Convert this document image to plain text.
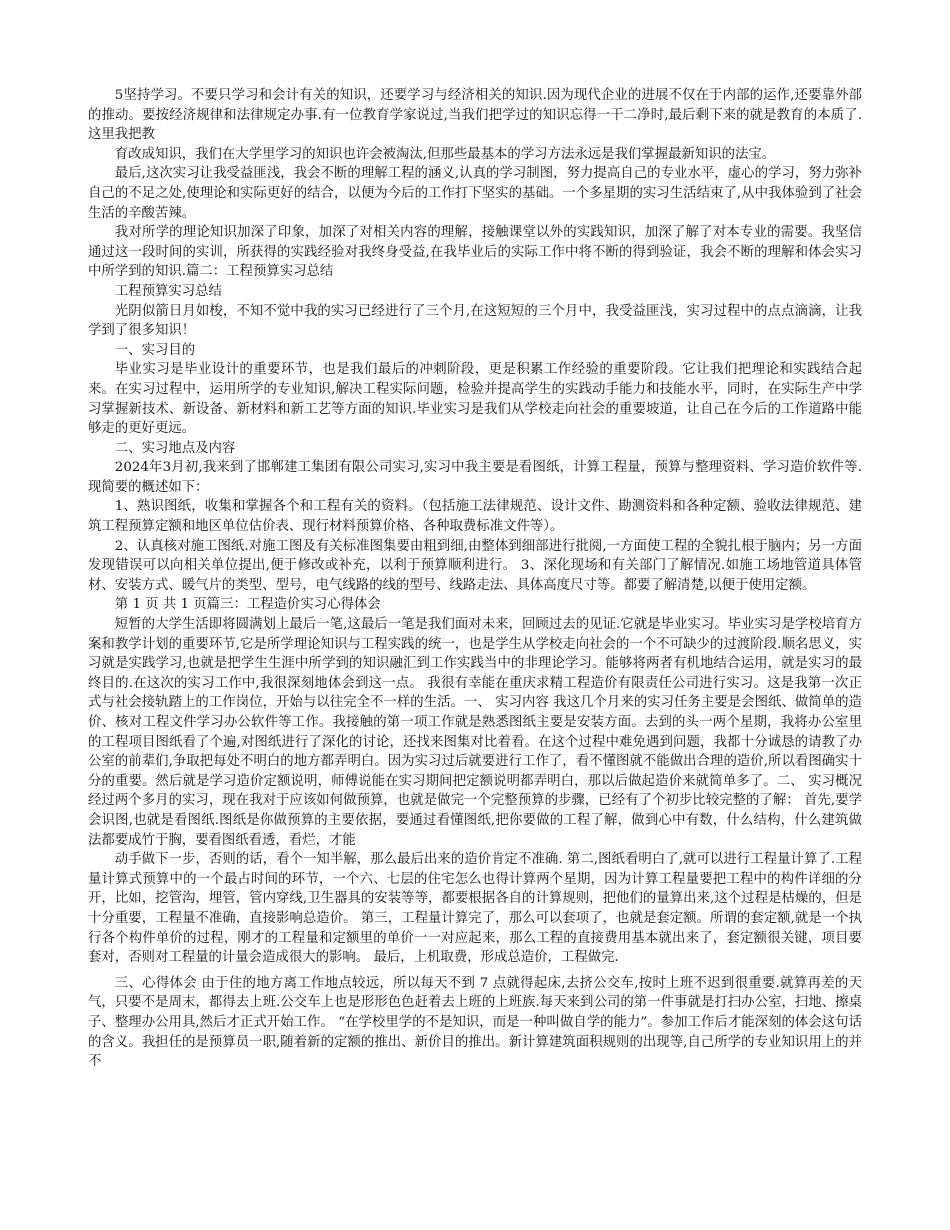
5坚持学习。不要只学习和会计有关的知识，还要学习与经济相关的知识.因为现代企业的进展不仅在于内部的运作,还要靠外部的推动。要按经济规律和法律规定办事.有一位教育学家说过,当我们把学过的知识忘得一干二净时,最后剩下来的就是教育的本质了.这里我把教

育改成知识，我们在大学里学习的知识也许会被淘汰,但那些最基本的学习方法永远是我们掌握最新知识的法宝。

最后,这次实习让我受益匪浅，我会不断的理解工程的涵义,认真的学习制图，努力提高自己的专业水平，虚心的学习，努力弥补自己的不足之处,使理论和实际更好的结合，以便为今后的工作打下坚实的基础。一个多星期的实习生活结束了,从中我体验到了社会生活的辛酸苦辣。

我对所学的理论知识加深了印象，加深了对相关内容的理解，接触课堂以外的实践知识，加深了解了对本专业的需要。我坚信通过这一段时间的实训，所获得的实践经验对我终身受益,在我毕业后的实际工作中将不断的得到验证，我会不断的理解和体会实习中所学到的知识.篇二：工程预算实习总结

工程预算实习总结

光阴似箭日月如梭，不知不觉中我的实习已经进行了三个月,在这短短的三个月中，我受益匪浅，实习过程中的点点滴滴，让我学到了很多知识！

一、实习目的

毕业实习是毕业设计的重要环节，也是我们最后的冲刺阶段，更是积累工作经验的重要阶段。它让我们把理论和实践结合起来。在实习过程中，运用所学的专业知识,解决工程实际问题，检验并提高学生的实践动手能力和技能水平，同时，在实际生产中学习掌握新技术、新设备、新材料和新工艺等方面的知识.毕业实习是我们从学校走向社会的重要坡道，让自己在今后的工作道路中能够走的更好更远。

二、实习地点及内容

2024年3月初,我来到了邯郸建工集团有限公司实习,实习中我主要是看图纸，计算工程量，预算与整理资料、学习造价软件等.现简要的概述如下：

1、熟识图纸，收集和掌握各个和工程有关的资料。（包括施工法律规范、设计文件、勘测资料和各种定额、验收法律规范、建筑工程预算定额和地区单位估价表、现行材料预算价格、各种取费标准文件等）。

2、认真核对施工图纸.对施工图及有关标准图集要由粗到细,由整体到细部进行批阅,一方面使工程的全貌扎根于脑内；另一方面发现错误可以向相关单位提出,便于修改或补充，以利于预算顺利进行。 3、深化现场和有关部门了解情况.如施工场地管道具体管材、安装方式、暖气片的类型、型号，电气线路的线的型号、线路走法、具体高度尺寸等。都要了解清楚,以便于使用定额。

第 1 页 共 1 页篇三：工程造价实习心得体会

短暂的大学生活即将圆满划上最后一笔,这最后一笔是我们面对未来，回顾过去的见证.它就是毕业实习。毕业实习是学校培育方案和教学计划的重要环节,它是所学理论知识与工程实践的统一，也是学生从学校走向社会的一个不可缺少的过渡阶段.顺名思义，实习就是实践学习,也就是把学生生涯中所学到的知识融汇到工作实践当中的非理论学习。能够将两者有机地结合运用，就是实习的最终目的.在这次的实习工作中,我很深刻地体会到这一点。 我很有幸能在重庆求精工程造价有限责任公司进行实习。这是我第一次正式与社会接轨踏上的工作岗位，开始与以往完全不一样的生活。一、 实习内容 我这几个月来的实习任务主要是会图纸、做简单的造价、核对工程文件学习办公软件等工作。我接触的第一项工作就是熟悉图纸主要是安装方面。去到的头一两个星期，我将办公室里的工程项目图纸看了个遍,对图纸进行了深化的讨论，还找来图集对比着看。在这个过程中难免遇到问题，我都十分诚恳的请教了办公室的前辈们,争取把每处不明白的地方都弄明白。因为实习过后就要进行工作了，看不懂图就不能做出合理的造价,所以看图确实十分的重要。然后就是学习造价定额说明，师傅说能在实习期间把定额说明都弄明白，那以后做起造价来就简单多了。二、 实习概况 经过两个多月的实习，现在我对于应该如何做预算，也就是做完一个完整预算的步骤，已经有了个初步比较完整的了解： 首先,要学会识图,也就是看图纸.图纸是你做预算的主要依据，要通过看懂图纸,把你要做的工程了解，做到心中有数，什么结构，什么建筑做法都要成竹于胸，要看图纸看透，看烂，才能

动手做下一步，否则的话，看个一知半解，那么最后出来的造价肯定不准确. 第二,图纸看明白了,就可以进行工程量计算了.工程量计算式预算中的一个最占时间的环节，一个六、七层的住宅怎么也得计算两个星期，因为计算工程量要把工程中的构件详细的分开，比如，挖管沟，埋管，管内穿线,卫生器具的安装等等，都要根据各自的计算规则，把他们的量算出来,这个过程是枯燥的，但是十分重要，工程量不准确，直接影响总造价。 第三，工程量计算完了，那么可以套项了，也就是套定额。所谓的套定额,就是一个执行各个构件单价的过程，刚才的工程量和定额里的单价一一对应起来，那么工程的直接费用基本就出来了，套定额很关键，项目要套对，否则对工程量的计量会造成很大的影响。 最后，上机取费，形成总造价，工程做完.

三、心得体会 由于住的地方离工作地点较远，所以每天不到 7 点就得起床,去挤公交车,按时上班不迟到很重要.就算再差的天气，只要不是周末，都得去上班.公交车上也是形形色色赶着去上班的上班族.每天来到公司的第一件事就是打扫办公室，扫地、擦桌子、整理办公用具,然后才正式开始工作。 “在学校里学的不是知识，而是一种叫做自学的能力”。参加工作后才能深刻的体会这句话的含义。我担任的是预算员一职,随着新的定额的推出、新价目的推出。新计算建筑面积规则的出现等,自己所学的专业知识用上的并不
